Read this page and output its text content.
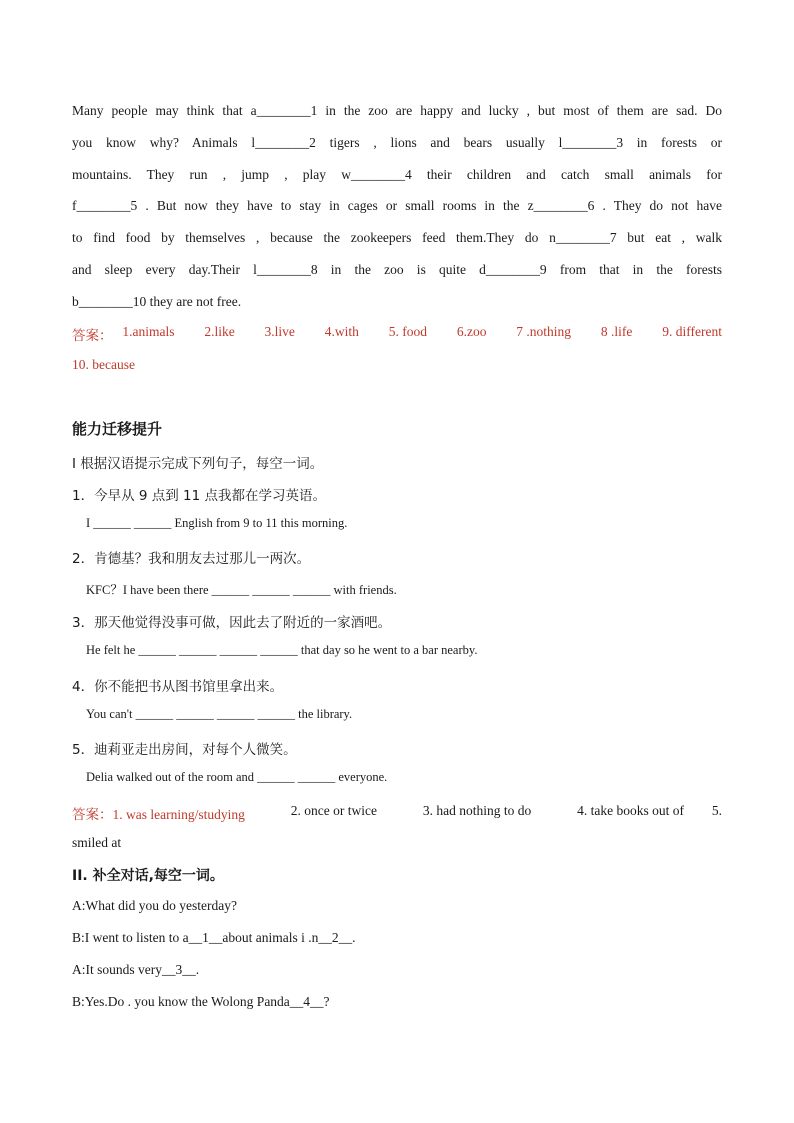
Many people may think that a________1 in the zoo are happy and lucky , but most of them are sad. Do
you know why? Animals l________2 tigers , lions and bears usually l________3 in forests or
mountains. They run , jump , play w________4 their children and catch small animals for
f________5 . But now they have to stay in cages or small rooms in the z________6 . They do not have
to find food by themselves , because the zookeepers feed them.They do n________7 but eat , walk
and sleep every day.Their l________8 in the zoo is quite d________9 from that in the forests
b________10 they are not free.
答案： 1.animals 2.like 3.live 4.with 5. food 6.zoo 7 .nothing 8 .life 9. different
10. because
能力迁移提升
I 根据汉语提示完成下列句子，每空一词。
1．今早从 9 点到 11 点我都在学习英语。
I ______ ______ English from 9 to 11 this morning.
2．肯德基？我和朋友去过那儿一两次。
KFC？I have been there ______ ______ ______ with friends.
3．那天他觉得没事可做，因此去了附近的一家酒吧。
He felt he ______ ______ ______ ______ that day so he went to a bar nearby.
4．你不能把书从图书馆里拿出来。
You can't ______ ______ ______ ______ the library.
5．迪莉亚走出房间，对每个人微笑。
Delia walked out of the room and ______ ______ everyone.
答案：1. was learning/studying	2. once or twice	3. had nothing to do	4. take books out of 5.
smiled at
II. 补全对话,每空一词。
A:What did you do yesterday?
B:I went to listen to a__1__about animals i .n__2__.
A:It sounds very__3__.
B:Yes.Do . you know the Wolong Panda__4__?
